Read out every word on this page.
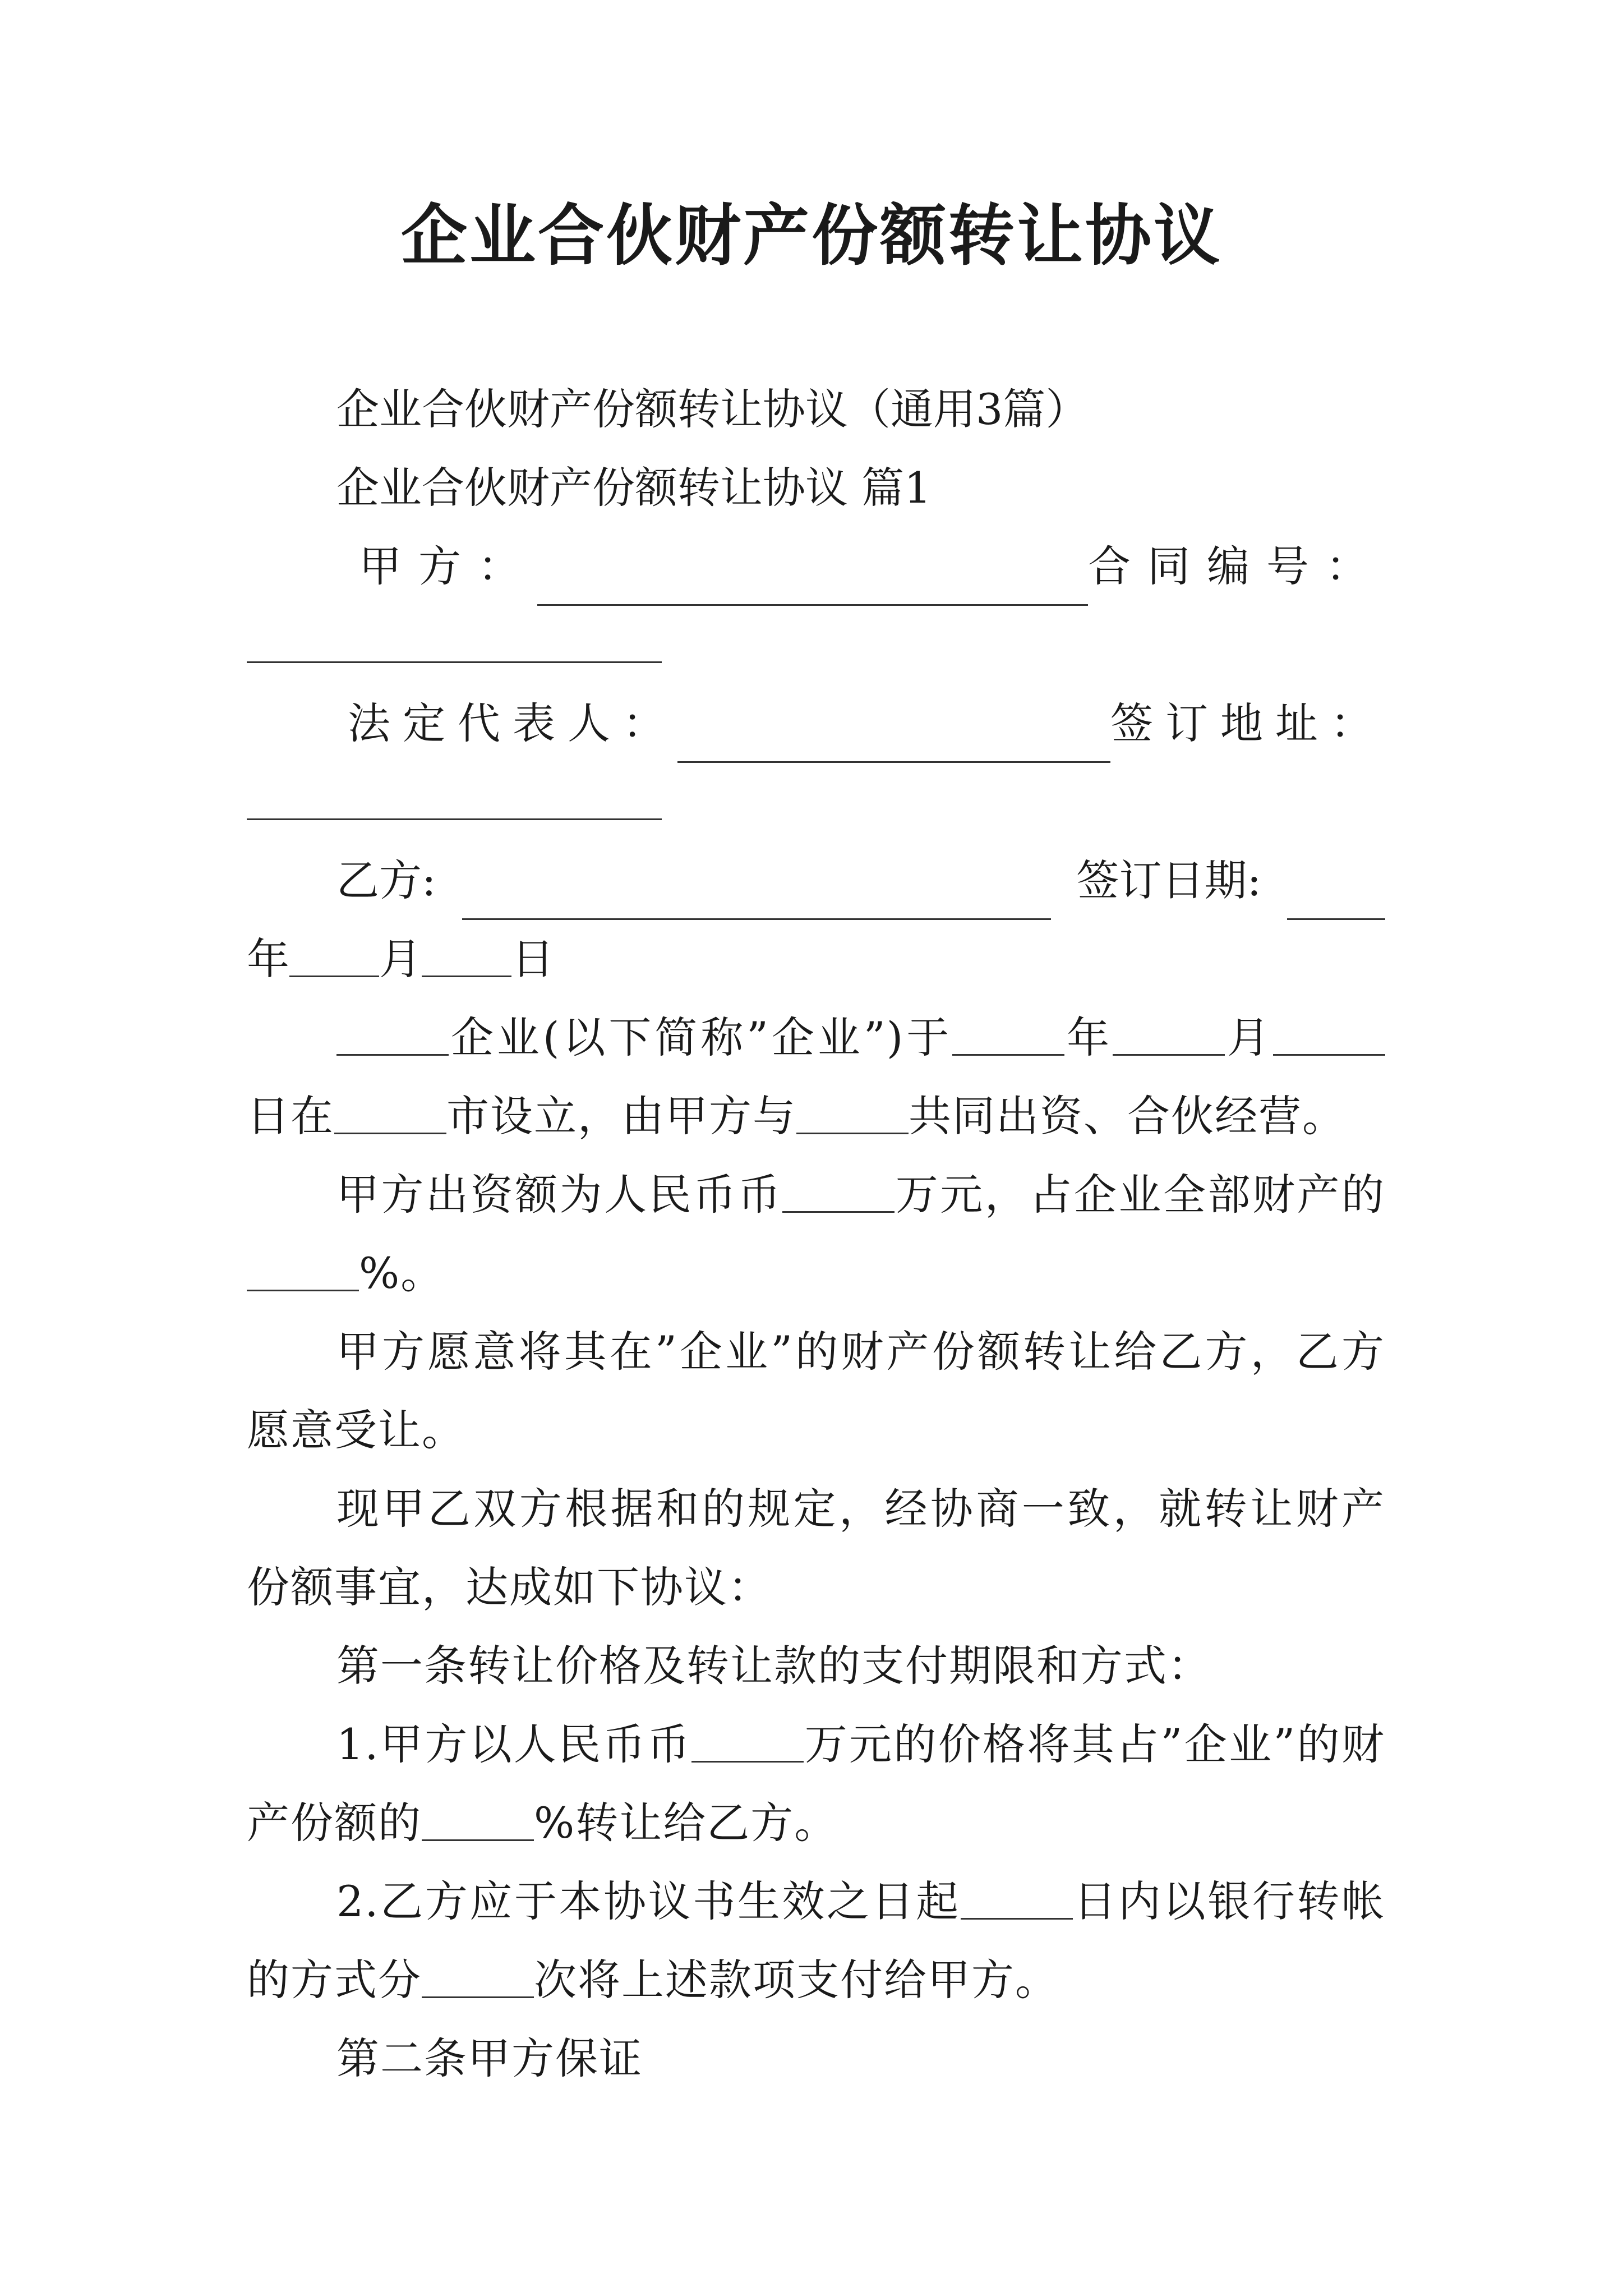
企业合伙财产份额转让协议

企业合伙财产份额转让协议（通用3篇）

企业合伙财产份额转让协议 篇1

甲方：	合同编号：
法定代表人：	签订地址：
乙方:	签订日期:
年 月 日

企业(以下简称”企业”)于	年	月日在	市设立，由甲方与	共同出资、合伙经营。

甲方出资额为人民币币	万元，占企业全部财产的%。

甲方愿意将其在”企业”的财产份额转让给乙方，乙方愿意受让。

现甲乙双方根据和的规定，经协商一致，就转让财产份额事宜，达成如下协议：

第一条转让价格及转让款的支付期限和方式：

1.甲方以人民币币	万元的价格将其占”企业”的财产份额的	%转让给乙方。

2.乙方应于本协议书生效之日起	日内以银行转帐的方式分	次将上述款项支付给甲方。

第二条甲方保证
